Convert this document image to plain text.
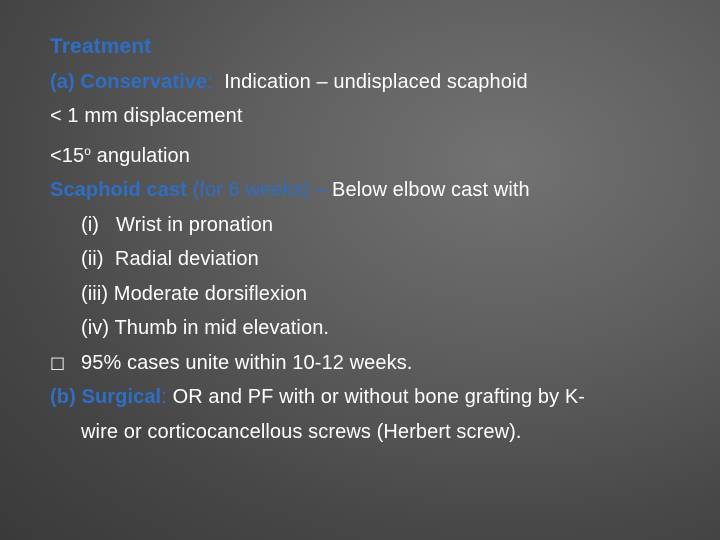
Treatment

(a) Conservative: Indication – undisplaced scaphoid

< 1 mm displacement

$<15^o$ angulation

Scaphoid cast (for 6 weeks) – Below elbow cast with

(i)   Wrist in pronation

(ii)  Radial deviation

(iii) Moderate dorsiflexion

(iv) Thumb in mid elevation.

□ 95% cases unite within 10-12 weeks.

(b) Surgical: OR and PF with or without bone grafting by K-

wire or corticocancellous screws (Herbert screw).
